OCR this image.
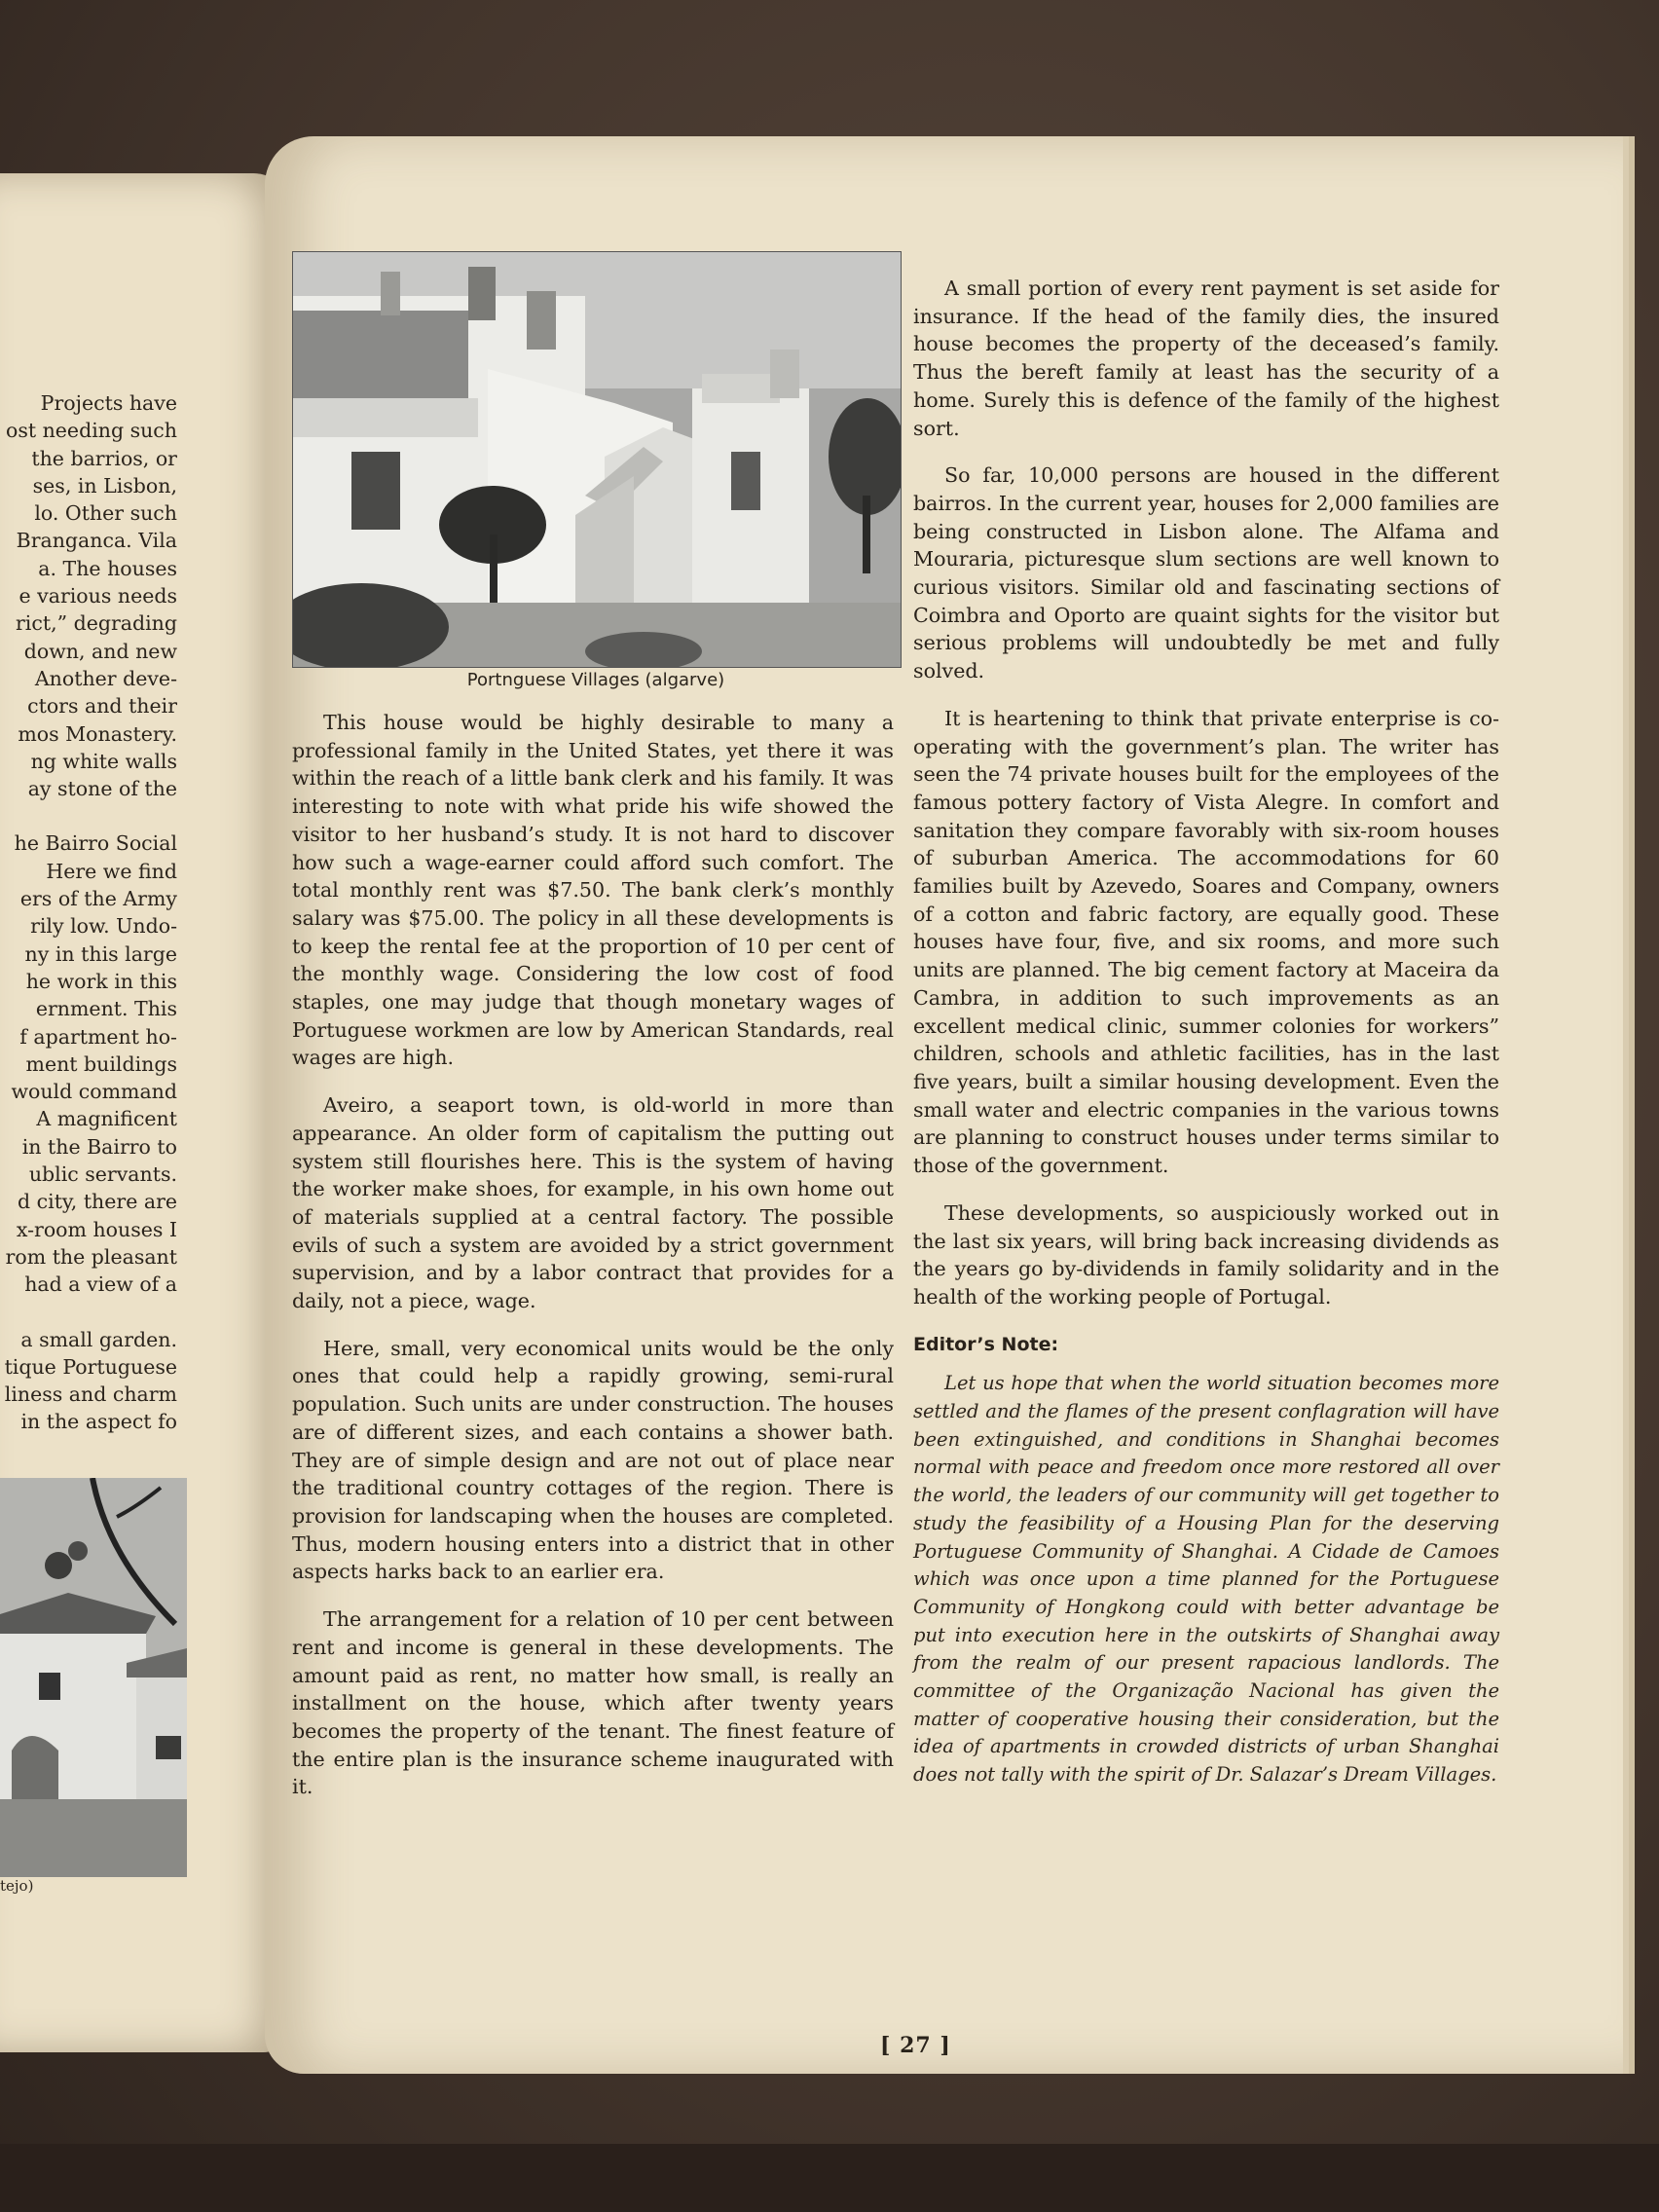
Projects have
ost needing such
the barrios, or
ses, in Lisbon,
lo. Other such
Branganca. Vila
a. The houses
e various needs
rict,” degrading
down, and new
Another deve-
ctors and their
mos Monastery.
ng white walls
ay stone of the
he Bairro Social
Here we find
ers of the Army
rily low. Undo-
ny in this large
he work in this
ernment. This
f apartment ho-
ment buildings
would command
A magnificent
in the Bairro to
ublic servants.
d city, there are
x-room houses I
rom the pleasant
had a view of a
a small garden.
tique Portuguese
liness and charm
in the aspect fo
tejo)
Portnguese Villages (algarve)

This house would be highly desirable to many a professional family in the United States, yet there it was within the reach of a little bank clerk and his family. It was interesting to note with what pride his wife showed the visitor to her husband’s study. It is not hard to discover how such a wage-earner could afford such comfort. The total monthly rent was $7.50. The bank clerk’s monthly salary was $75.00. The policy in all these developments is to keep the rental fee at the proportion of 10 per cent of the monthly wage. Considering the low cost of food staples, one may judge that though monetary wages of Portuguese workmen are low by American Standards, real wages are high.

Aveiro, a seaport town, is old-world in more than appearance. An older form of capitalism the putting out system still flourishes here. This is the system of having the worker make shoes, for example, in his own home out of materials supplied at a central factory. The possible evils of such a system are avoided by a strict government supervision, and by a labor contract that provides for a daily, not a piece, wage.

Here, small, very economical units would be the only ones that could help a rapidly growing, semi-rural population. Such units are under construction. The houses are of different sizes, and each contains a shower bath. They are of simple design and are not out of place near the traditional country cottages of the region. There is provision for landscaping when the houses are completed. Thus, modern housing enters into a district that in other aspects harks back to an earlier era.

The arrangement for a relation of 10 per cent between rent and income is general in these developments. The amount paid as rent, no matter how small, is really an installment on the house, which after twenty years becomes the property of the tenant. The finest feature of the entire plan is the insurance scheme inaugurated with it.

A small portion of every rent payment is set aside for insurance. If the head of the family dies, the insured house becomes the property of the deceased’s family. Thus the bereft family at least has the security of a home. Surely this is defence of the family of the highest sort.

So far, 10,000 persons are housed in the different bairros. In the current year, houses for 2,000 families are being constructed in Lisbon alone. The Alfama and Mouraria, picturesque slum sections are well known to curious visitors. Similar old and fascinating sections of Coimbra and Oporto are quaint sights for the visitor but serious problems will undoubtedly be met and fully solved.

It is heartening to think that private enterprise is co-operating with the government’s plan. The writer has seen the 74 private houses built for the employees of the famous pottery factory of Vista Alegre. In comfort and sanitation they compare favorably with six-room houses of suburban America. The accommodations for 60 families built by Azevedo, Soares and Company, owners of a cotton and fabric factory, are equally good. These houses have four, five, and six rooms, and more such units are planned. The big cement factory at Maceira da Cambra, in addition to such improvements as an excellent medical clinic, summer colonies for workers” children, schools and athletic facilities, has in the last five years, built a similar housing development. Even the small water and electric companies in the various towns are planning to construct houses under terms similar to those of the government.

These developments, so auspiciously worked out in the last six years, will bring back increasing dividends as the years go by-dividends in family solidarity and in the health of the working people of Portugal.

Editor’s Note:

Let us hope that when the world situation becomes more settled and the flames of the present conflagration will have been extinguished, and conditions in Shanghai becomes normal with peace and freedom once more restored all over the world, the leaders of our community will get together to study the feasibility of a Housing Plan for the deserving Portuguese Community of Shanghai. A Cidade de Camoes which was once upon a time planned for the Portuguese Community of Hongkong could with better advantage be put into execution here in the outskirts of Shanghai away from the realm of our present rapacious landlords. The committee of the Organização Nacional has given the matter of cooperative housing their consideration, but the idea of apartments in crowded districts of urban Shanghai does not tally with the spirit of Dr. Salazar’s Dream Villages.

[ 27 ]
